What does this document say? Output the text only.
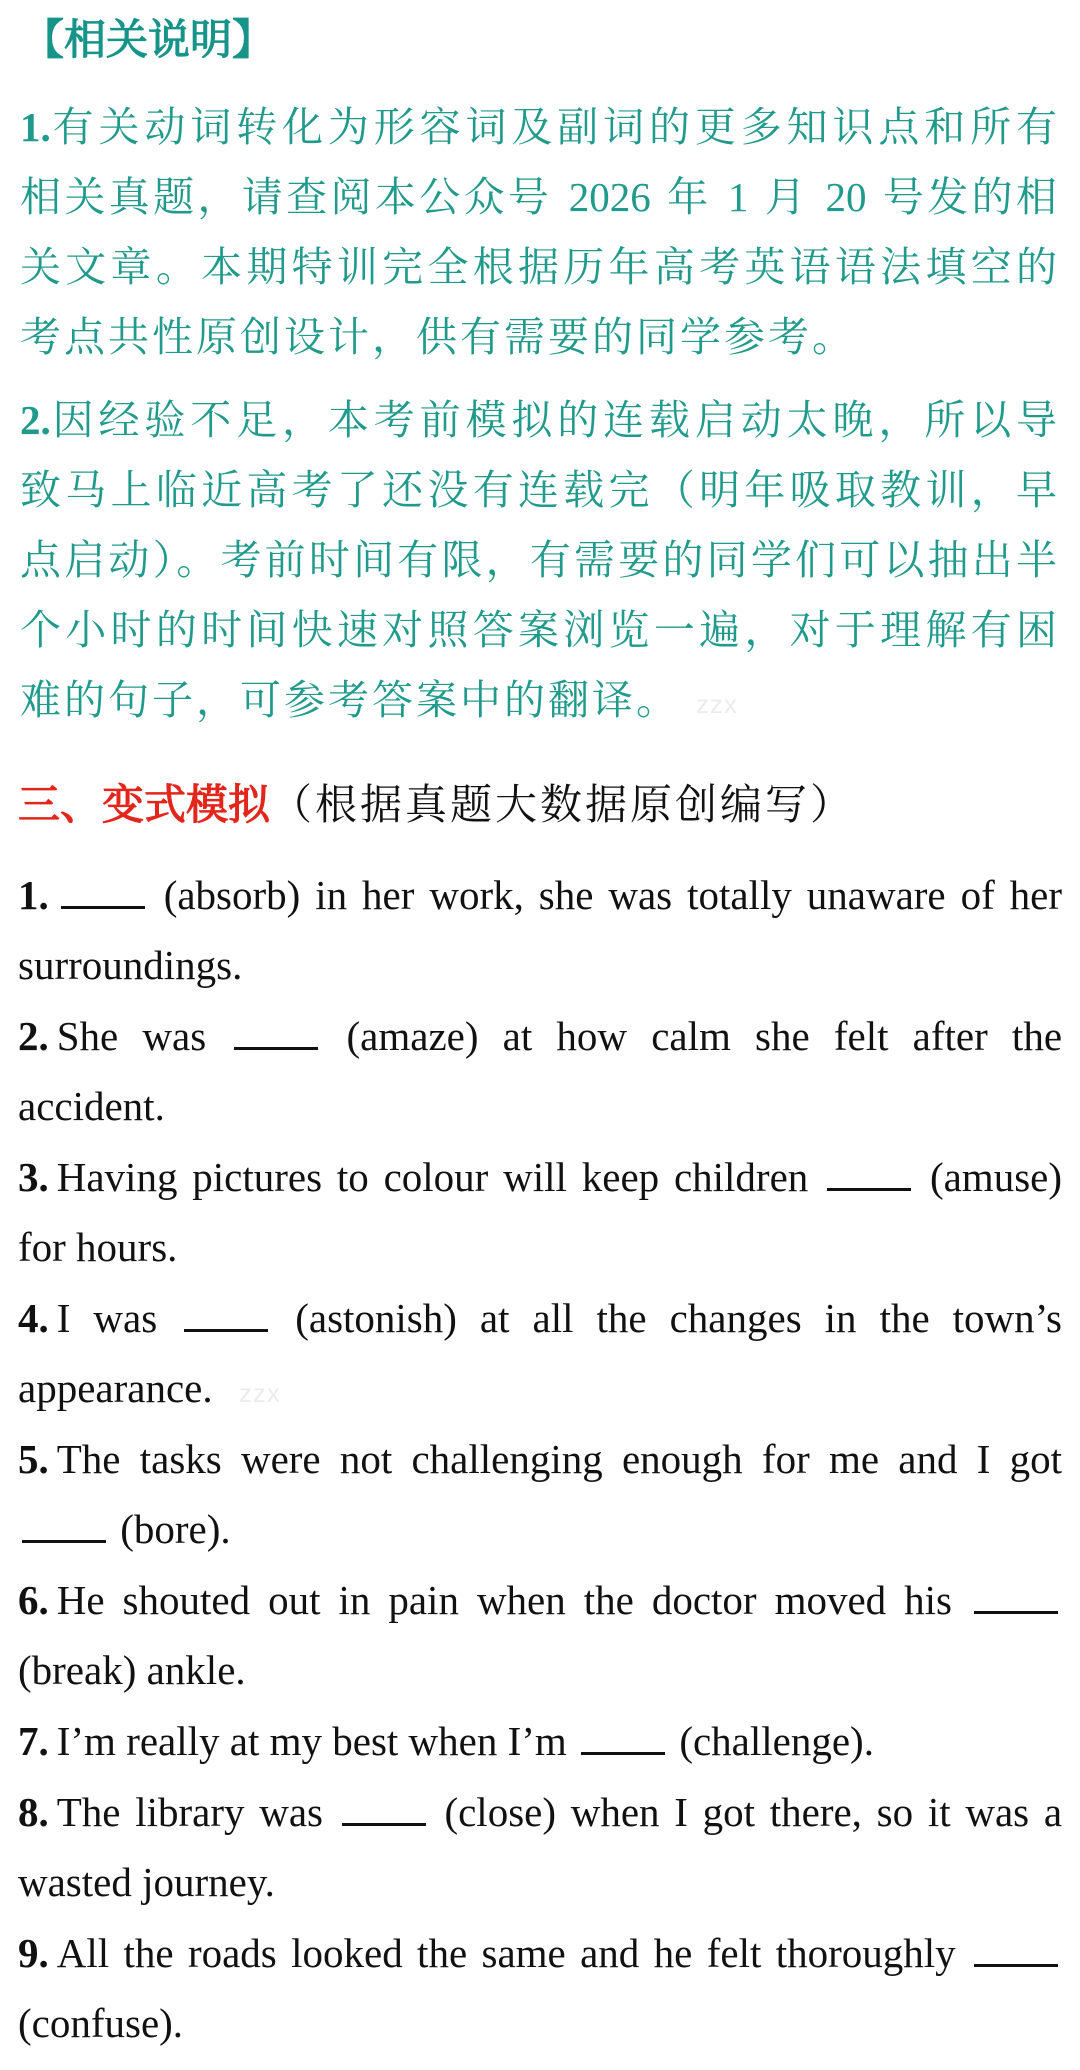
【相关说明】
1.有关动词转化为形容词及副词的更多知识点和所有相关真题，请查阅本公众号 2026 年 1 月 20 号发的相关文章。本期特训完全根据历年高考英语语法填空的考点共性原创设计，供有需要的同学参考。
2.因经验不足，本考前模拟的连载启动太晚，所以导致马上临近高考了还没有连载完（明年吸取教训，早点启动）。考前时间有限，有需要的同学们可以抽出半个小时的时间快速对照答案浏览一遍，对于理解有困难的句子，可参考答案中的翻译。 zzx
三、变式模拟（根据真题大数据原创编写）
1.	(absorb) in her work, she was totally unaware of her surroundings.
2. She was	(amaze) at how calm she felt after the accident.
3. Having pictures to colour will keep children	(amuse) for hours.
4. I was	(astonish) at all the changes in the town’s appearance. zzx
5. The tasks were not challenging enough for me and I got  (bore).
6. He shouted out in pain when the doctor moved his  (break) ankle.
7. I’m really at my best when I’m	(challenge).
8. The library was	(close) when I got there, so it was a wasted journey.
9. All the roads looked the same and he felt thoroughly  (confuse).
